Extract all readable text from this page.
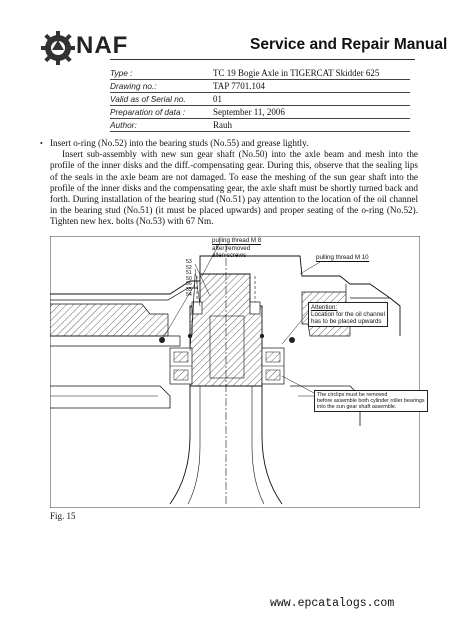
NAF	Service and Repair Manual
Type :	TC 19 Bogie Axle in TIGERCAT Skidder 625
Drawing no.:	TAP 7701.104
Valid as of Serial no.	01
Preparation of data :	September 11, 2006
Author:	Rauh
• Insert o-ring (No.52) into the bearing studs (No.55) and grease lightly.
Insert sub-assembly with new sun gear shaft (No.50) into the axle beam and mesh into the profile of the inner disks and the diff.-compensating gear. During this, observe that the sealing lips of the seals in the axle beam are not damaged. To ease the meshing of the sun gear shaft into the profile of the inner disks and the compensating gear, the axle shaft must be shortly turned back and forth. During installation of the bearing stud (No.51) pay attention to the location of the oil channel in the bearing stud (No.51) (it must be placed upwards) and proper seating of the o-ring (No.52). Tighten new hex. bolts (No.53) with 67 Nm.
pulling thread M 8
after removed
allen screws	pulling thread M 10
Attention:
Location for the oil channel
has to be placed upwards
The circlips must be removed
before assemble both cylinder roller bearings
into the sun gear shaft assemble.
53
52
51
50
56
55
54
Fig. 15
www.epcatalogs.com
